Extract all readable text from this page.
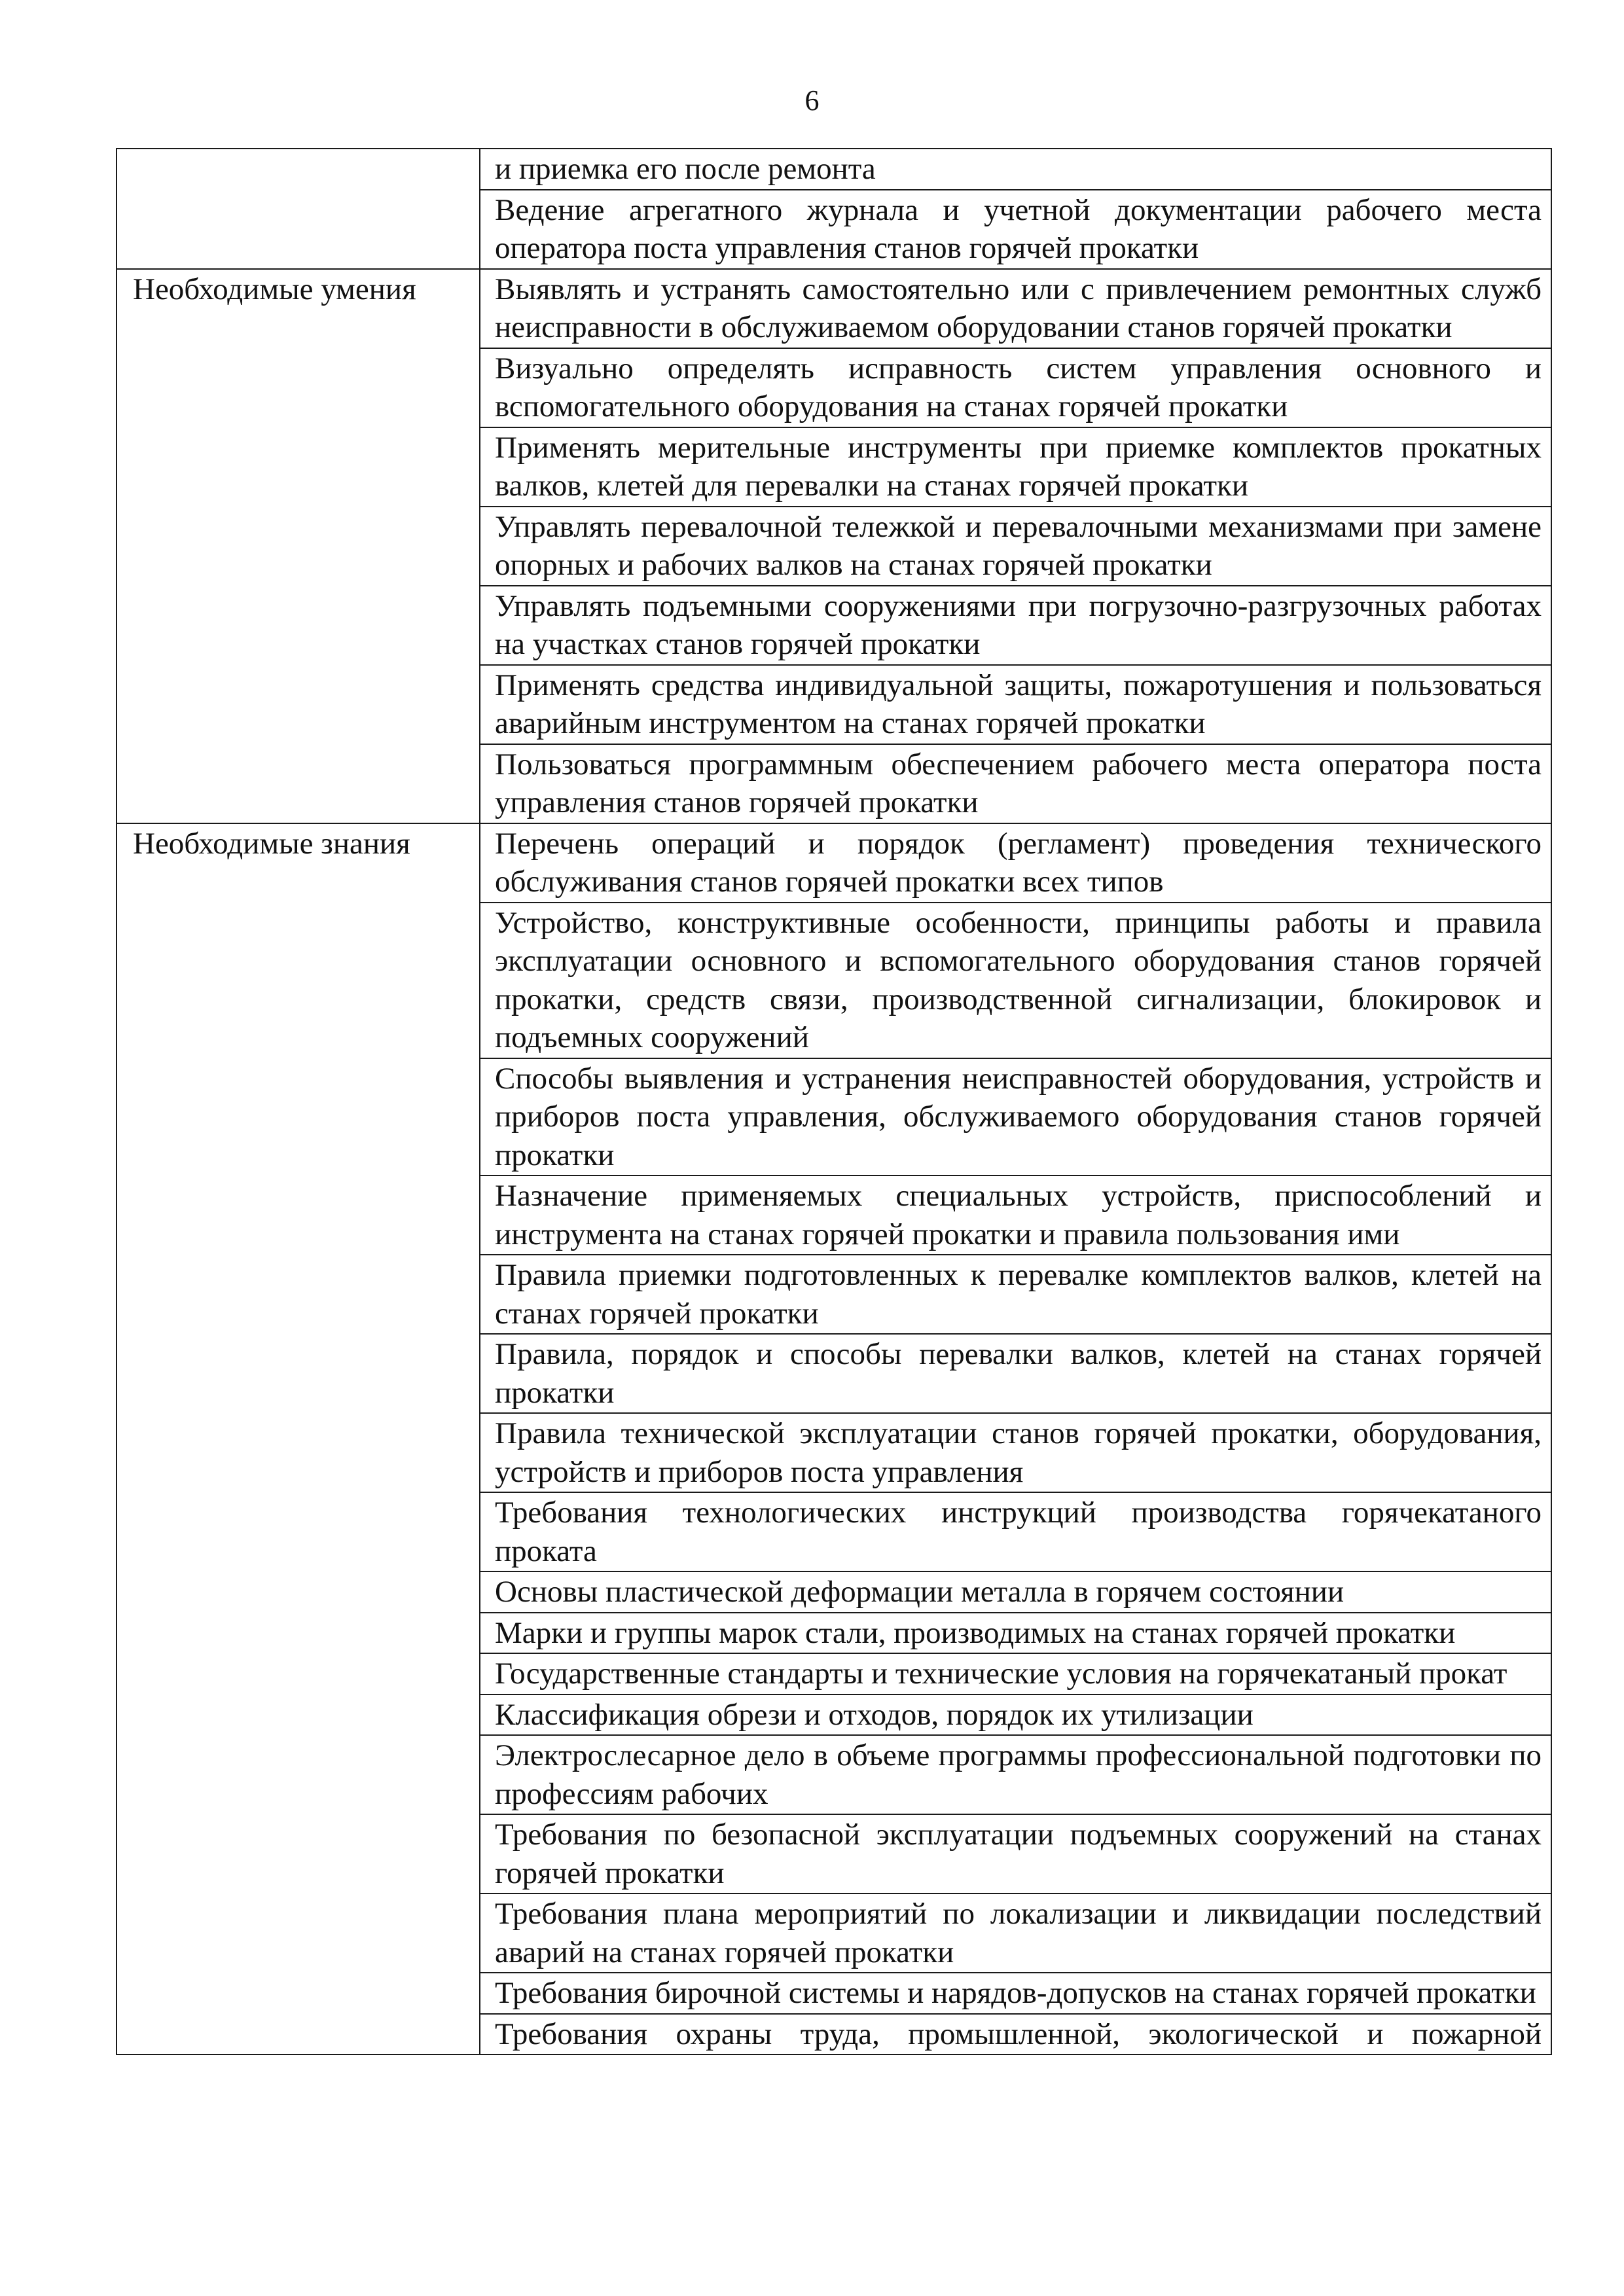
6
	и приемка его после ремонта
	Ведение агрегатного журнала и учетной документации рабочего места оператора поста управления станов горячей прокатки
Необходимые умения	Выявлять и устранять самостоятельно или с привлечением ремонтных служб неисправности в обслуживаемом оборудовании станов горячей прокатки
	Визуально определять исправность систем управления основного и вспомогательного оборудования на станах горячей прокатки
	Применять мерительные инструменты при приемке комплектов прокатных валков, клетей для перевалки на станах горячей прокатки
	Управлять перевалочной тележкой и перевалочными механизмами при замене опорных и рабочих валков на станах горячей прокатки
	Управлять подъемными сооружениями при погрузочно-разгрузочных работах на участках станов горячей прокатки
	Применять средства индивидуальной защиты, пожаротушения и пользоваться аварийным инструментом на станах горячей прокатки
	Пользоваться программным обеспечением рабочего места оператора поста управления станов горячей прокатки
Необходимые знания	Перечень операций и порядок (регламент) проведения технического обслуживания станов горячей прокатки всех типов
	Устройство, конструктивные особенности, принципы работы и правила эксплуатации основного и вспомогательного оборудования станов горячей прокатки, средств связи, производственной сигнализации, блокировок и подъемных сооружений
	Способы выявления и устранения неисправностей оборудования, устройств и приборов поста управления, обслуживаемого оборудования станов горячей прокатки
	Назначение применяемых специальных устройств, приспособлений и инструмента на станах горячей прокатки и правила пользования ими
	Правила приемки подготовленных к перевалке комплектов валков, клетей на станах горячей прокатки
	Правила, порядок и способы перевалки валков, клетей на станах горячей прокатки
	Правила технической эксплуатации станов горячей прокатки, оборудования, устройств и приборов поста управления
	Требования технологических инструкций производства горячекатаного проката
	Основы пластической деформации металла в горячем состоянии
	Марки и группы марок стали, производимых на станах горячей прокатки
	Государственные стандарты и технические условия на горячекатаный прокат
	Классификация обрези и отходов, порядок их утилизации
	Электрослесарное дело в объеме программы профессиональной подготовки по профессиям рабочих
	Требования по безопасной эксплуатации подъемных сооружений на станах горячей прокатки
	Требования плана мероприятий по локализации и ликвидации последствий аварий на станах горячей прокатки
	Требования бирочной системы и нарядов-допусков на станах горячей прокатки
	Требования охраны труда, промышленной, экологической и пожарной
